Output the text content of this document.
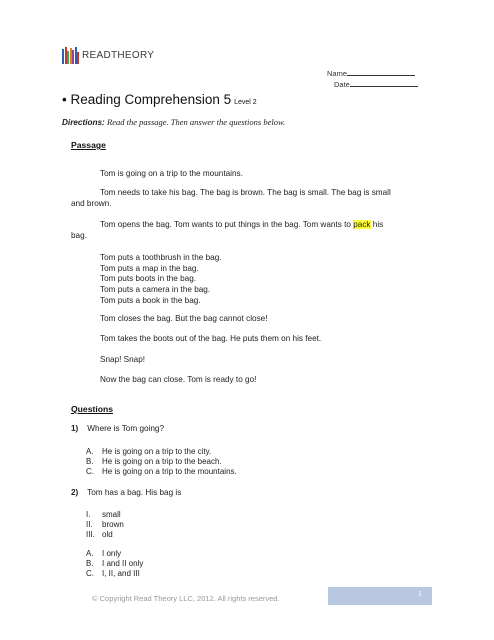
READTHEORY
Name
Date
• Reading Comprehension 5 Level 2
Directions: Read the passage. Then answer the questions below.
Passage
Tom is going on a trip to the mountains.
Tom needs to take his bag. The bag is brown. The bag is small. The bag is small
and brown.
Tom opens the bag. Tom wants to put things in the bag. Tom wants to pack his
bag.
Tom puts a toothbrush in the bag.
Tom puts a map in the bag.
Tom puts boots in the bag.
Tom puts a camera in the bag.
Tom puts a book in the bag.
Tom closes the bag. But the bag cannot close!
Tom takes the boots out of the bag. He puts them on his feet.
Snap! Snap!
Now the bag can close. Tom is ready to go!
Questions
1) Where is Tom going?
A. He is going on a trip to the city.
B. He is going on a trip to the beach.
C. He is going on a trip to the mountains.
2) Tom has a bag. His bag is
I. small
II. brown
III. old
A. I only
B. I and II only
C. I, II, and III
© Copyright Read Theory LLC, 2012. All rights reserved.
1
